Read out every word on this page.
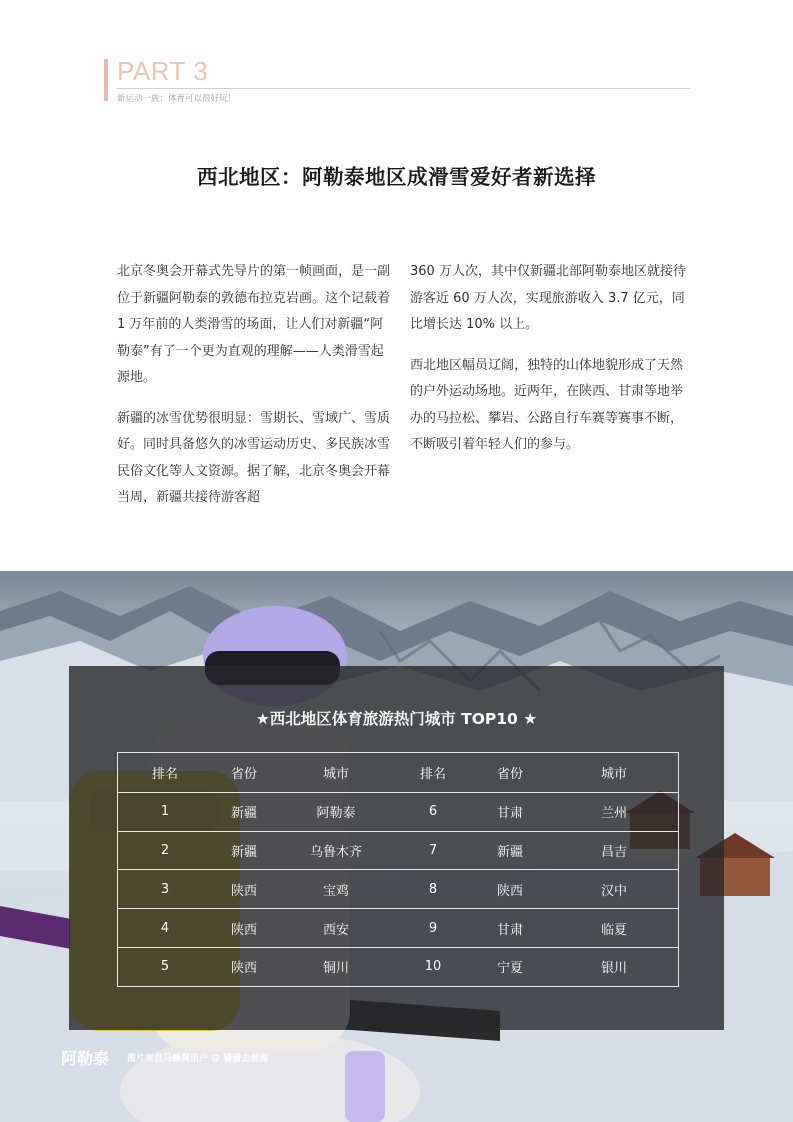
PART 3
新运动一族：体育可以很好玩！
西北地区：阿勒泰地区成滑雪爱好者新选择

北京冬奥会开幕式先导片的第一帧画面，是一副位于新疆阿勒泰的敦德布拉克岩画。这个记载着 1 万年前的人类滑雪的场面，让人们对新疆“阿勒泰”有了一个更为直观的理解——人类滑雪起源地。

新疆的冰雪优势很明显：雪期长、雪域广、雪质好。同时具备悠久的冰雪运动历史、多民族冰雪民俗文化等人文资源。据了解，北京冬奥会开幕当周，新疆共接待游客超

360 万人次，其中仅新疆北部阿勒泰地区就接待游客近 60 万人次，实现旅游收入 3.7 亿元，同比增长达 10% 以上。

西北地区幅员辽阔，独特的山体地貌形成了天然的户外运动场地。近两年，在陕西、甘肃等地举办的马拉松、攀岩、公路自行车赛等赛事不断，不断吸引着年轻人们的参与。

★西北地区体育旅游热门城市 TOP10 ★
排名	省份	城市	排名	省份	城市
1	新疆	阿勒泰	6	甘肃	兰州
2	新疆	乌鲁木齐	7	新疆	昌吉
3	陕西	宝鸡	8	陕西	汉中
4	陕西	西安	9	甘肃	临夏
5	陕西	铜川	10	宁夏	银川
阿勒泰 图片来自马蜂窝用户 @ 骑猎去看海
